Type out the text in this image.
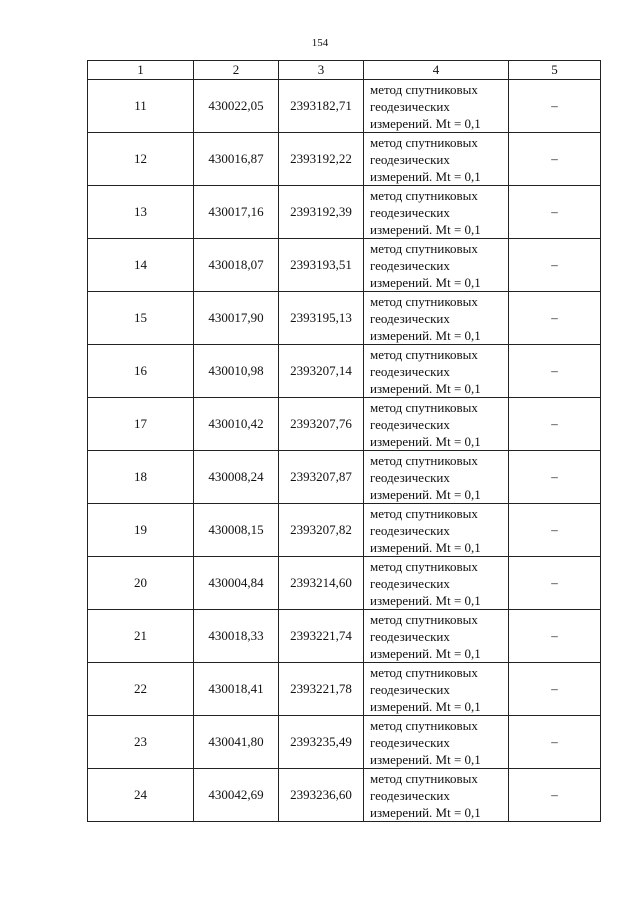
154
1	2	3	4	5
11	430022,05	2393182,71	метод спутниковых
геодезических
измерений. Mt = 0,1	–
12	430016,87	2393192,22	метод спутниковых
геодезических
измерений. Mt = 0,1	–
13	430017,16	2393192,39	метод спутниковых
геодезических
измерений. Mt = 0,1	–
14	430018,07	2393193,51	метод спутниковых
геодезических
измерений. Mt = 0,1	–
15	430017,90	2393195,13	метод спутниковых
геодезических
измерений. Mt = 0,1	–
16	430010,98	2393207,14	метод спутниковых
геодезических
измерений. Mt = 0,1	–
17	430010,42	2393207,76	метод спутниковых
геодезических
измерений. Mt = 0,1	–
18	430008,24	2393207,87	метод спутниковых
геодезических
измерений. Mt = 0,1	–
19	430008,15	2393207,82	метод спутниковых
геодезических
измерений. Mt = 0,1	–
20	430004,84	2393214,60	метод спутниковых
геодезических
измерений. Mt = 0,1	–
21	430018,33	2393221,74	метод спутниковых
геодезических
измерений. Mt = 0,1	–
22	430018,41	2393221,78	метод спутниковых
геодезических
измерений. Mt = 0,1	–
23	430041,80	2393235,49	метод спутниковых
геодезических
измерений. Mt = 0,1	–
24	430042,69	2393236,60	метод спутниковых
геодезических
измерений. Mt = 0,1	–
